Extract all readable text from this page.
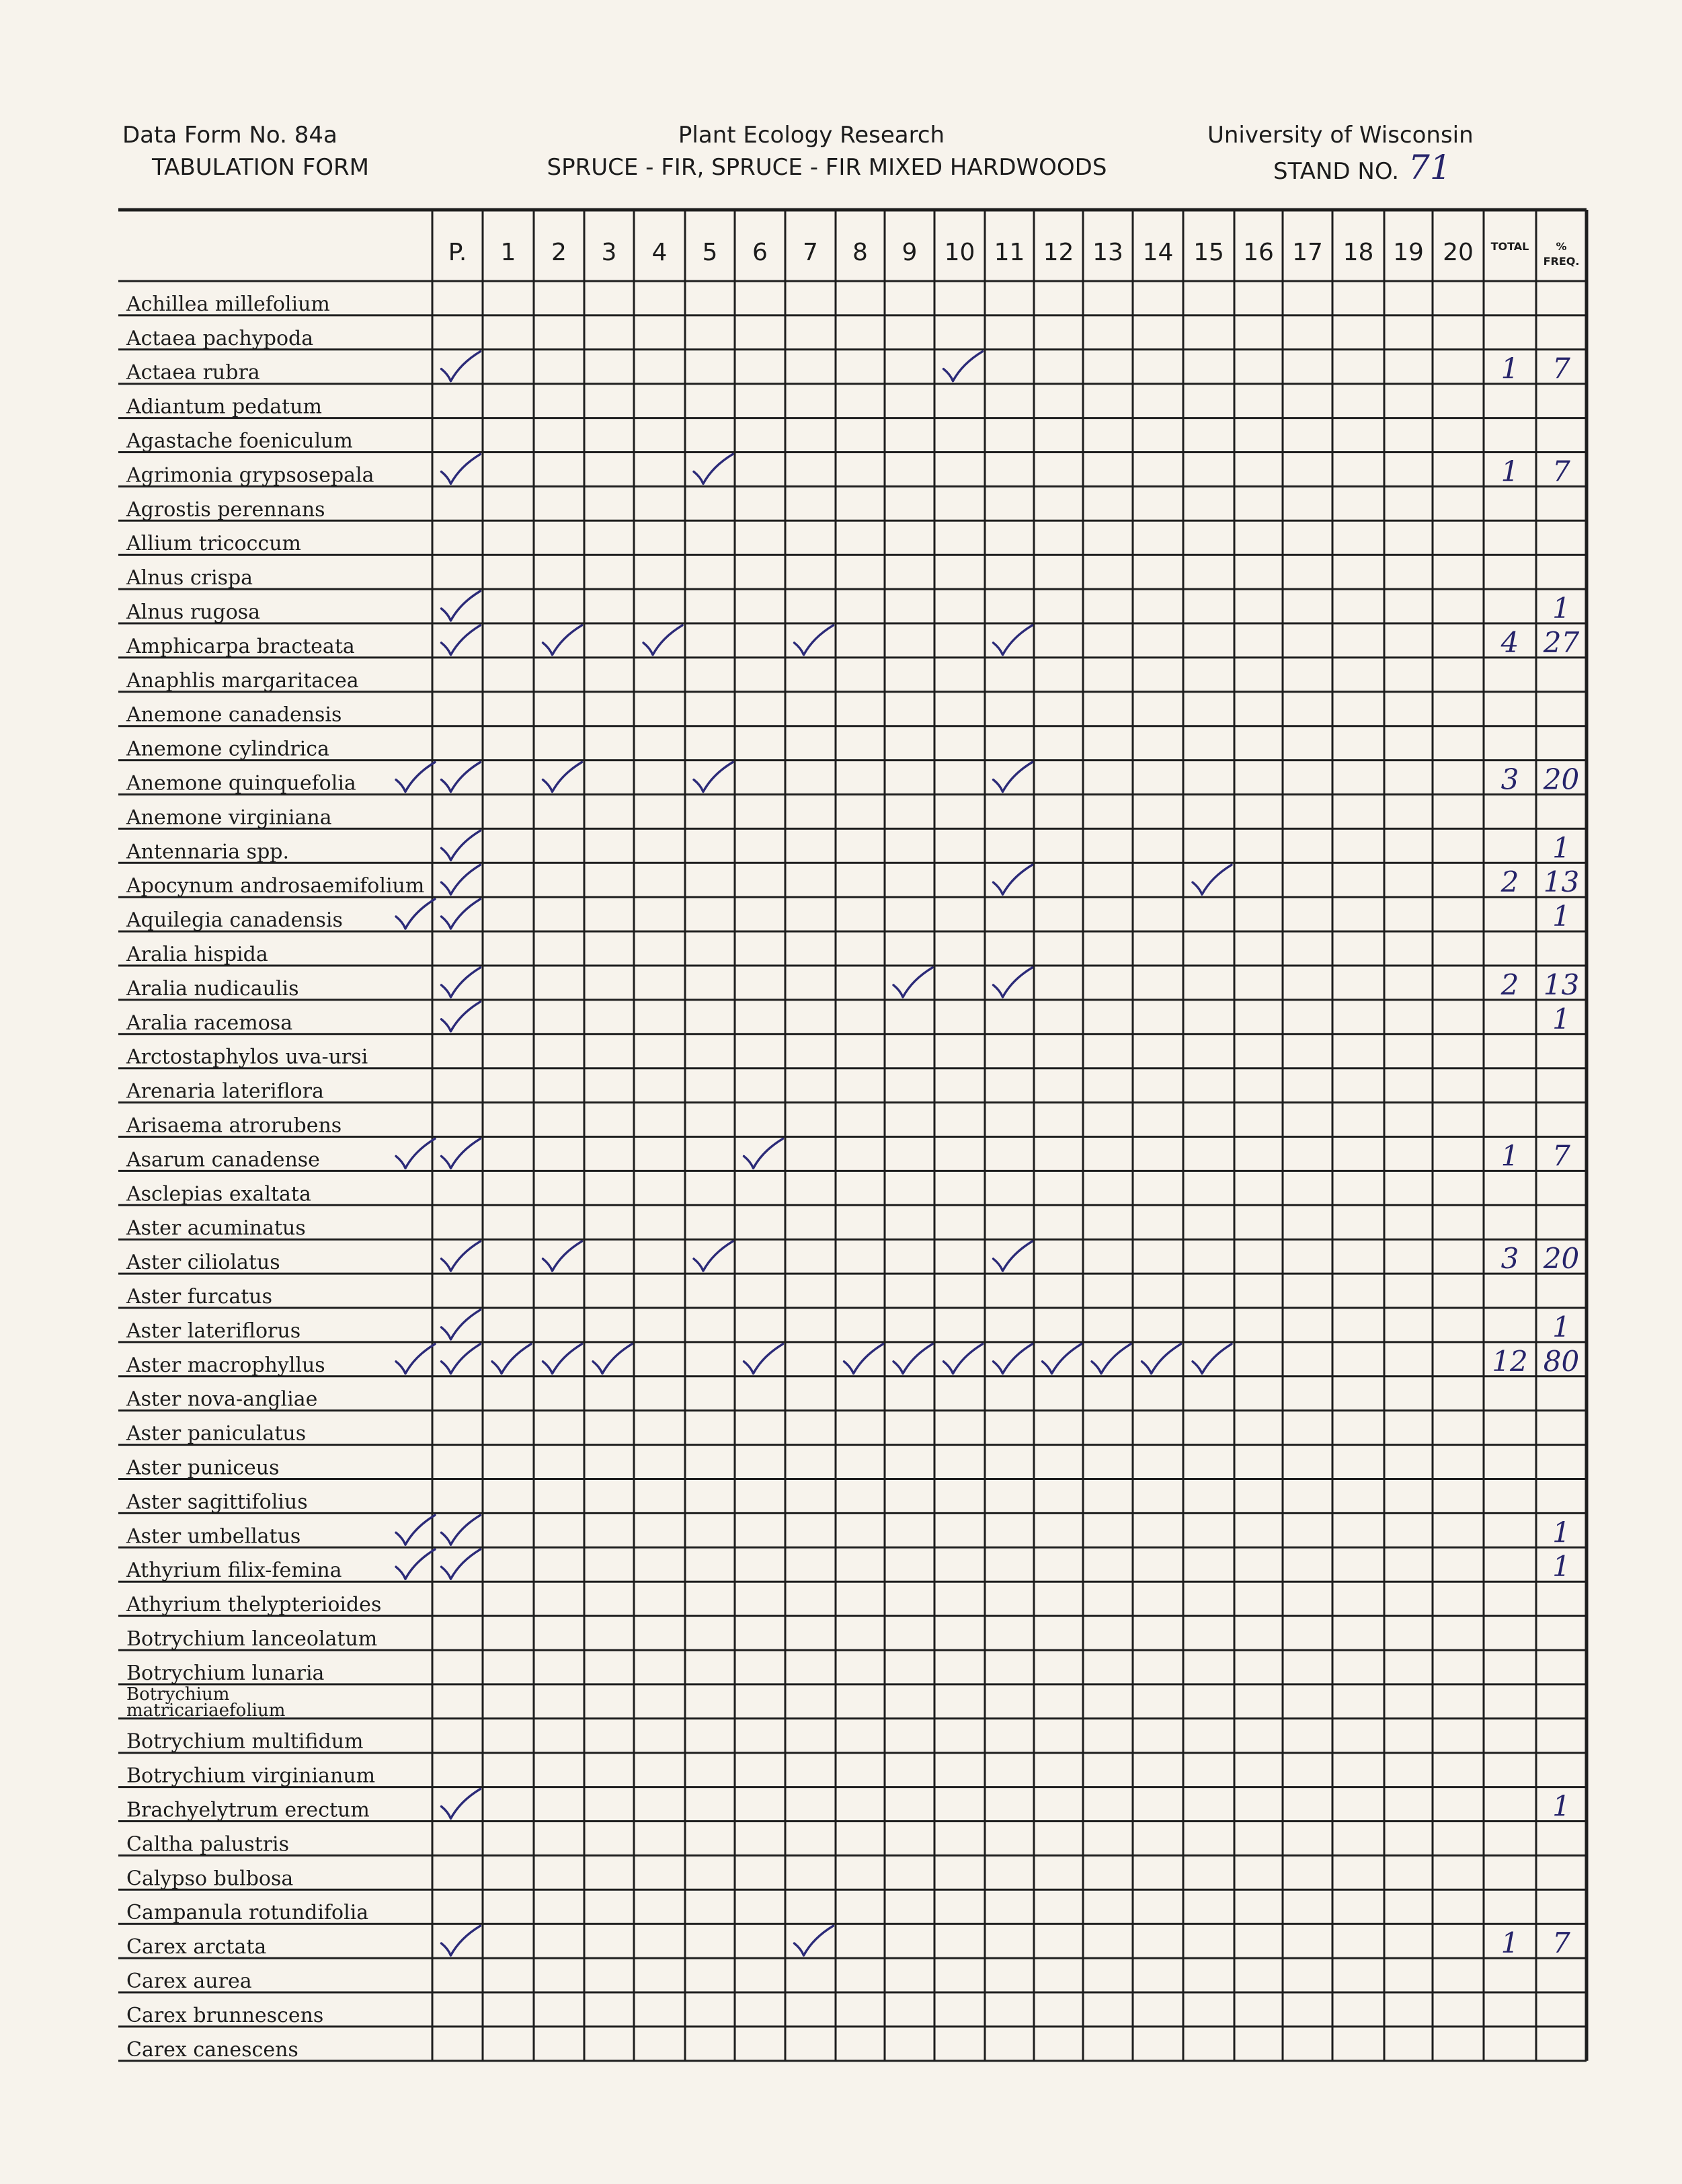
Data Form No. 84a
TABULATION FORM
Plant Ecology Research
SPRUCE - FIR, SPRUCE - FIR MIXED HARDWOODS
University of Wisconsin
STAND NO. 71
P. 1 2 3 4 5 6 7 8 9 10 11 12 13 14 15 16 17 18 19 20 TOTAL	% FREQ.
Achillea millefolium
Actaea pachypoda
Actaea rubra
Adiantum pedatum
Agastache foeniculum
Agrimonia grypsosepala
Agrostis perennans
Allium tricoccum
Alnus crispa
Alnus rugosa
Amphicarpa bracteata
Anaphlis margaritacea
Anemone canadensis
Anemone cylindrica
Anemone quinquefolia
Anemone virginiana
Antennaria spp.
Apocynum androsaemifolium
Aquilegia canadensis
Aralia hispida
Aralia nudicaulis
Aralia racemosa
Arctostaphylos uva-ursi
Arenaria lateriflora
Arisaema atrorubens
Asarum canadense
Asclepias exaltata
Aster acuminatus
Aster ciliolatus
Aster furcatus
Aster lateriflorus
Aster macrophyllus
Aster nova-angliae
Aster paniculatus
Aster puniceus
Aster sagittifolius
Aster umbellatus
Athyrium filix-femina
Athyrium thelypterioides
Botrychium lanceolatum
Botrychium lunaria
Botrychium
matricariaefolium
Botrychium multifidum
Botrychium virginianum
Brachyelytrum erectum
Caltha palustris
Calypso bulbosa
Campanula rotundifolia
Carex arctata
Carex aurea
Carex brunnescens
Carex canescens
1 7
1 7
1
4 27
3 20
1
2 13
1
2 13
1
1 7
3 20
1
12 80
1
1
1
1 7
